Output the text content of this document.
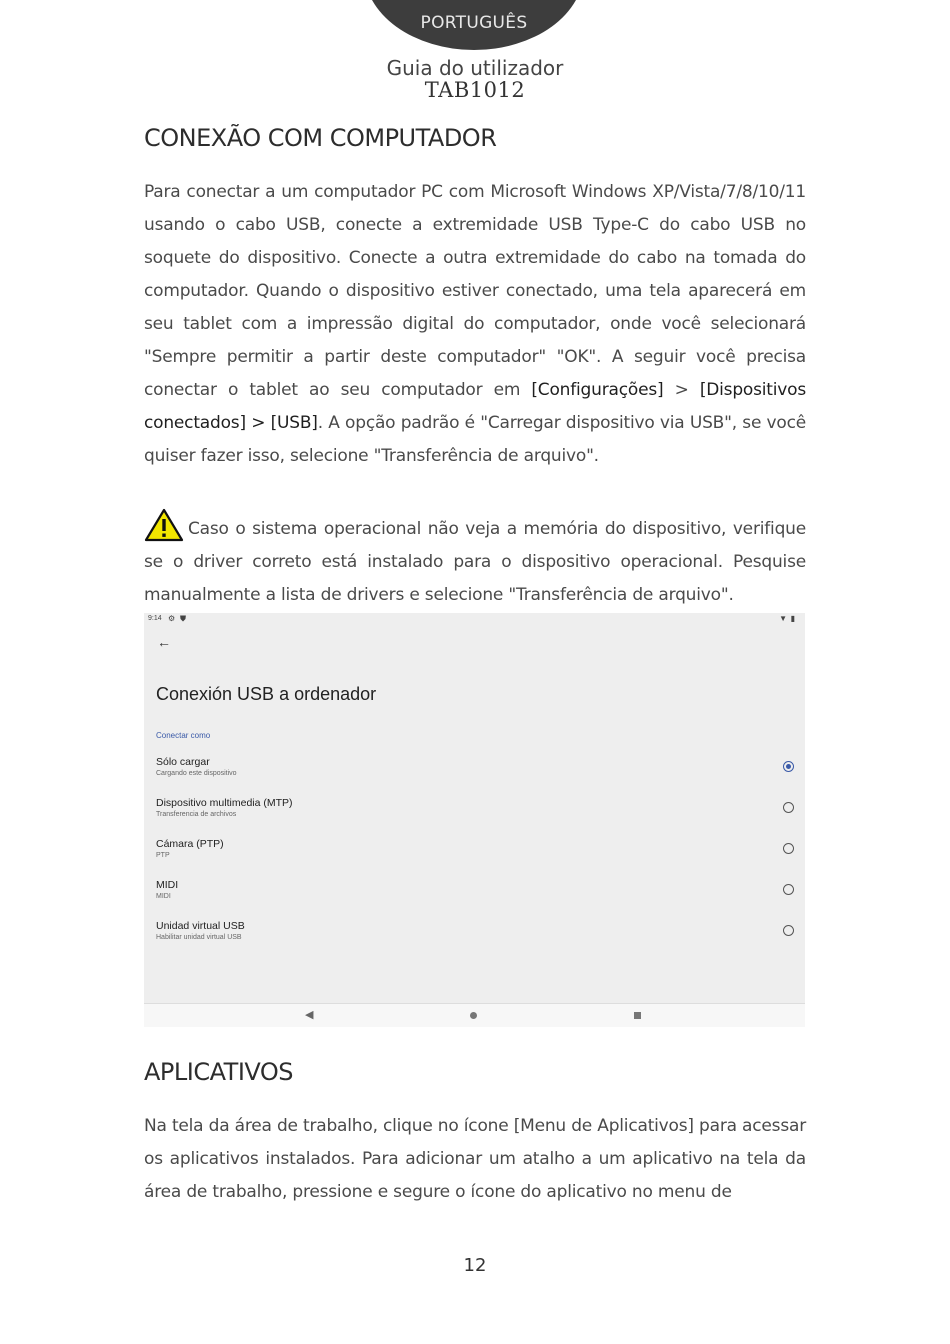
PORTUGUÊS
Guia do utilizador
TAB1012
CONEXÃO COM COMPUTADOR

Para conectar a um computador PC com Microsoft Windows XP/Vista/7/8/10/11 usando o cabo USB, conecte a extremidade USB Type-C do cabo USB no soquete do dispositivo. Conecte a outra extremidade do cabo na tomada do computador. Quando o dispositivo estiver conectado, uma tela aparecerá em seu tablet com a impressão digital do computador, onde você selecionará "Sempre permitir a partir deste computador" "OK". A seguir você precisa conectar o tablet ao seu computador em [Configurações] > [Dispositivos conectados] > [USB]. A opção padrão é "Carregar dispositivo via USB", se você quiser fazer isso, selecione "Transferência de arquivo".

Caso o sistema operacional não veja a memória do dispositivo, verifique se o driver correto está instalado para o dispositivo operacional. Pesquise manualmente a lista de drivers e selecione "Transferência de arquivo".

9:14 ⚙ ⛊	▼ ▮
←
Conexión USB a ordenador
Conectar como
Sólo cargar
Cargando este dispositivo
Dispositivo multimedia (MTP)
Transferencia de archivos
Cámara (PTP)
PTP
MIDI
MIDI
Unidad virtual USB
Habilitar unidad virtual USB
◀
APLICATIVOS

Na tela da área de trabalho, clique no ícone [Menu de Aplicativos] para acessar os aplicativos instalados. Para adicionar um atalho a um aplicativo na tela da área de trabalho, pressione e segure o ícone do aplicativo no menu de

12
